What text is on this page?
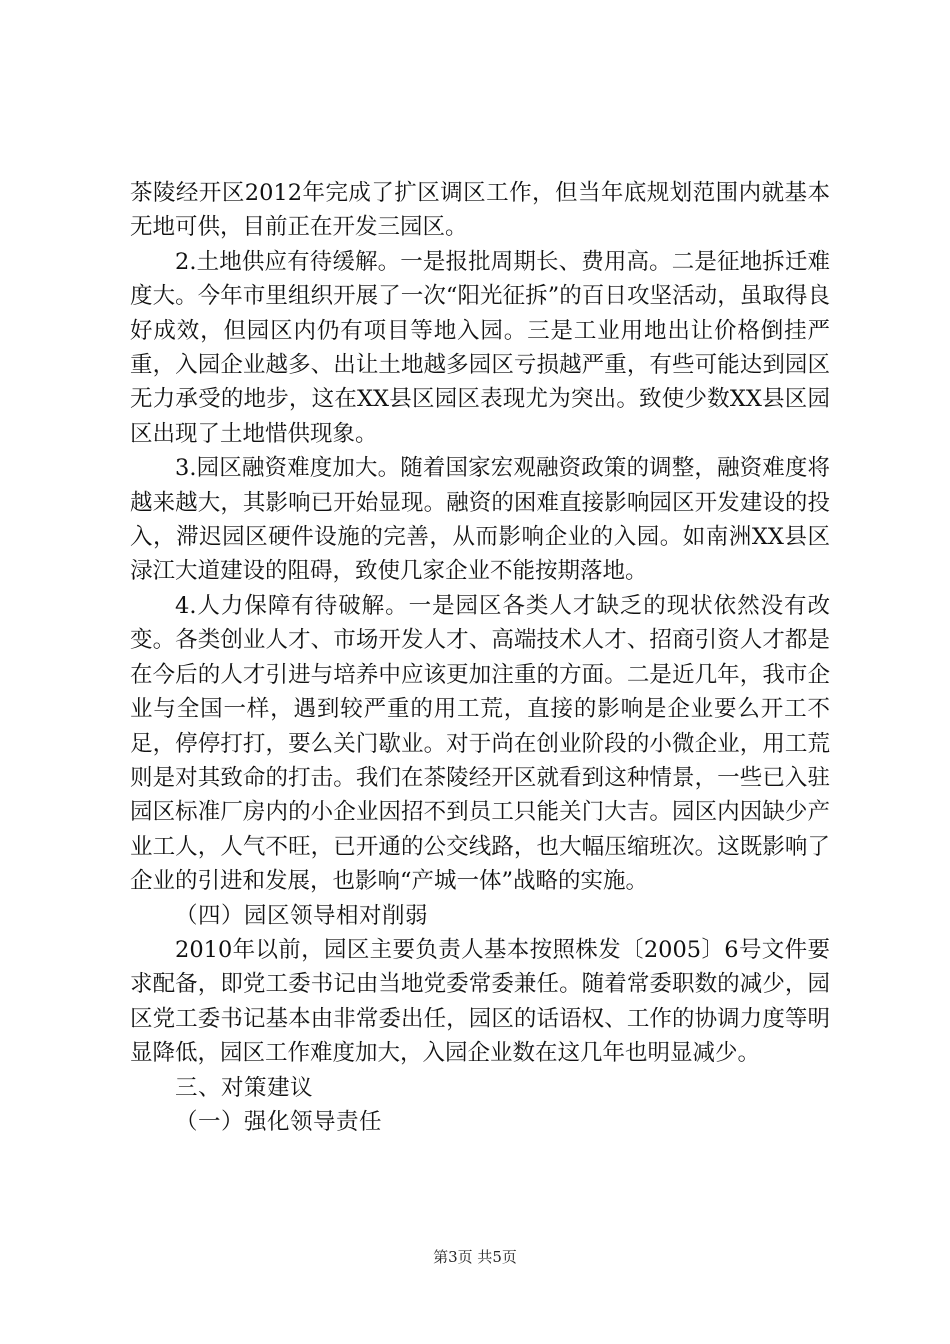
茶陵经开区2012年完成了扩区调区工作，但当年底规划范围内就基本无地可供，目前正在开发三园区。

2.土地供应有待缓解。一是报批周期长、费用高。二是征地拆迁难度大。今年市里组织开展了一次“阳光征拆”的百日攻坚活动，虽取得良好成效，但园区内仍有项目等地入园。三是工业用地出让价格倒挂严重，入园企业越多、出让土地越多园区亏损越严重，有些可能达到园区无力承受的地步，这在XX县区园区表现尤为突出。致使少数XX县区园区出现了土地惜供现象。

3.园区融资难度加大。随着国家宏观融资政策的调整，融资难度将越来越大，其影响已开始显现。融资的困难直接影响园区开发建设的投入，滞迟园区硬件设施的完善，从而影响企业的入园。如南洲XX县区渌江大道建设的阻碍，致使几家企业不能按期落地。

4.人力保障有待破解。一是园区各类人才缺乏的现状依然没有改变。各类创业人才、市场开发人才、高端技术人才、招商引资人才都是在今后的人才引进与培养中应该更加注重的方面。二是近几年，我市企业与全国一样，遇到较严重的用工荒，直接的影响是企业要么开工不足，停停打打，要么关门歇业。对于尚在创业阶段的小微企业，用工荒则是对其致命的打击。我们在茶陵经开区就看到这种情景，一些已入驻园区标准厂房内的小企业因招不到员工只能关门大吉。园区内因缺少产业工人，人气不旺，已开通的公交线路，也大幅压缩班次。这既影响了企业的引进和发展，也影响“产城一体”战略的实施。

（四）园区领导相对削弱

2010年以前，园区主要负责人基本按照株发〔2005〕6号文件要求配备，即党工委书记由当地党委常委兼任。随着常委职数的减少，园区党工委书记基本由非常委出任，园区的话语权、工作的协调力度等明显降低，园区工作难度加大，入园企业数在这几年也明显减少。

三、对策建议

（一）强化领导责任

第3页 共5页
